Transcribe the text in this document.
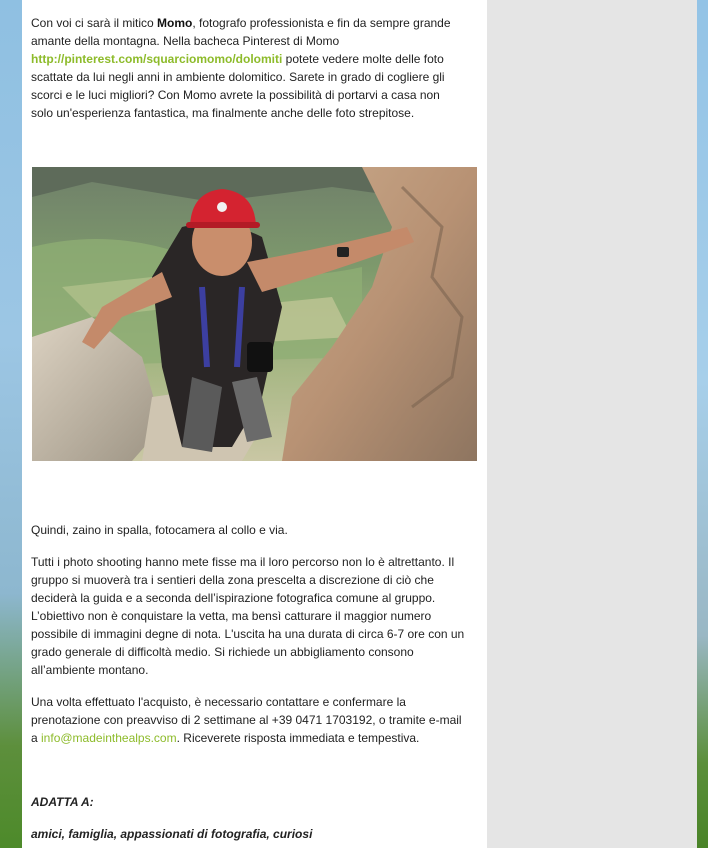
Con voi ci sarà il mitico Momo, fotografo professionista e fin da sempre grande amante della montagna. Nella bacheca Pinterest di Momo http://pinterest.com/squarciomomo/dolomiti potete vedere molte delle foto scattate da lui negli anni in ambiente dolomitico. Sarete in grado di cogliere gli scorci e le luci migliori? Con Momo avrete la possibilità di portarvi a casa non solo un'esperienza fantastica, ma finalmente anche delle foto strepitose.

Quindi, zaino in spalla, fotocamera al collo e via.

Tutti i photo shooting hanno mete fisse ma il loro percorso non lo è altrettanto. Il gruppo si muoverà tra i sentieri della zona prescelta a discrezione di ciò che deciderà la guida e a seconda dell’ispirazione fotografica comune al gruppo. L’obiettivo non è conquistare la vetta, ma bensì catturare il maggior numero possibile di immagini degne di nota. L'uscita ha una durata di circa 6-7 ore con un grado generale di difficoltà medio. Si richiede un abbigliamento consono all’ambiente montano.

Una volta effettuato l'acquisto, è necessario contattare e confermare la prenotazione con preavviso di 2 settimane al +39 0471 1703192, o tramite e-mail a info@madeinthealps.com. Riceverete risposta immediata e tempestiva.

ADATTA A:

amici, famiglia, appassionati di fotografia, curiosi
